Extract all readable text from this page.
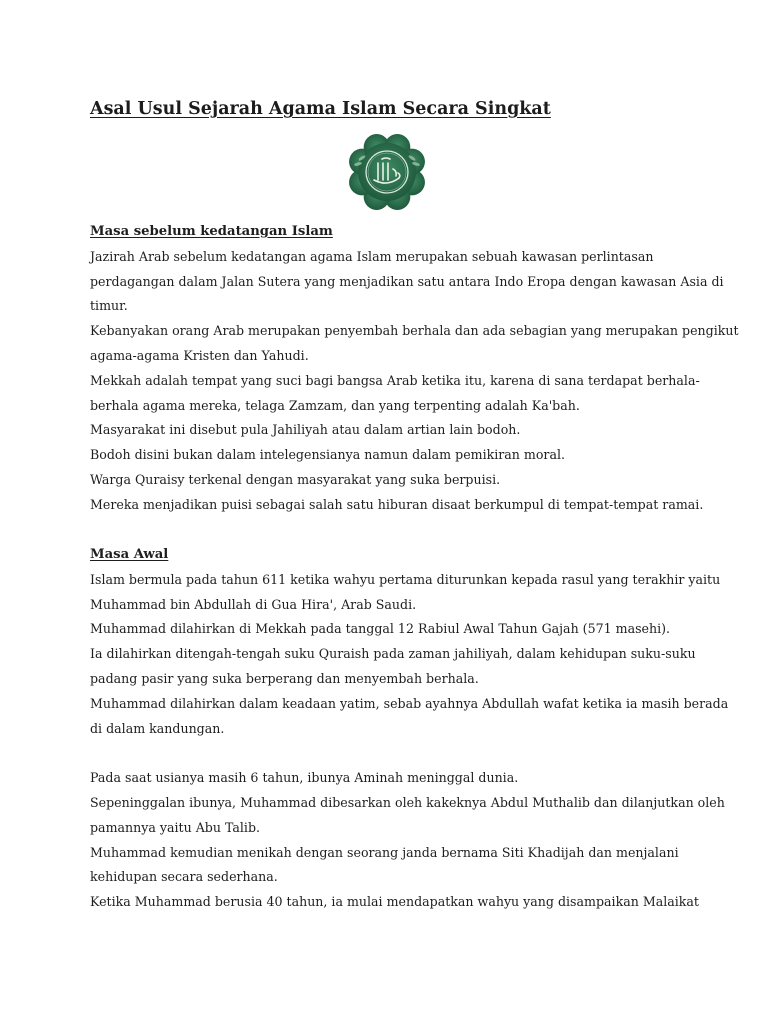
Asal Usul Sejarah Agama Islam Secara Singkat
Masa sebelum kedatangan Islam
Jazirah Arab sebelum kedatangan agama Islam merupakan sebuah kawasan perlintasan
perdagangan dalam Jalan Sutera yang menjadikan satu antara Indo Eropa dengan kawasan Asia di
timur.
Kebanyakan orang Arab merupakan penyembah berhala dan ada sebagian yang merupakan pengikut
agama-agama Kristen dan Yahudi.
Mekkah adalah tempat yang suci bagi bangsa Arab ketika itu, karena di sana terdapat berhala-
berhala agama mereka, telaga Zamzam, dan yang terpenting adalah Ka'bah.
Masyarakat ini disebut pula Jahiliyah atau dalam artian lain bodoh.
Bodoh disini bukan dalam intelegensianya namun dalam pemikiran moral.
Warga Quraisy terkenal dengan masyarakat yang suka berpuisi.
Mereka menjadikan puisi sebagai salah satu hiburan disaat berkumpul di tempat-tempat ramai.
Masa Awal
Islam bermula pada tahun 611 ketika wahyu pertama diturunkan kepada rasul yang terakhir yaitu
Muhammad bin Abdullah di Gua Hira', Arab Saudi.
Muhammad dilahirkan di Mekkah pada tanggal 12 Rabiul Awal Tahun Gajah (571 masehi).
Ia dilahirkan ditengah-tengah suku Quraish pada zaman jahiliyah, dalam kehidupan suku-suku
padang pasir yang suka berperang dan menyembah berhala.
Muhammad dilahirkan dalam keadaan yatim, sebab ayahnya Abdullah wafat ketika ia masih berada
di dalam kandungan.
Pada saat usianya masih 6 tahun, ibunya Aminah meninggal dunia.
Sepeninggalan ibunya, Muhammad dibesarkan oleh kakeknya Abdul Muthalib dan dilanjutkan oleh
pamannya yaitu Abu Talib.
Muhammad kemudian menikah dengan seorang janda bernama Siti Khadijah dan menjalani
kehidupan secara sederhana.
Ketika Muhammad berusia 40 tahun, ia mulai mendapatkan wahyu yang disampaikan Malaikat
